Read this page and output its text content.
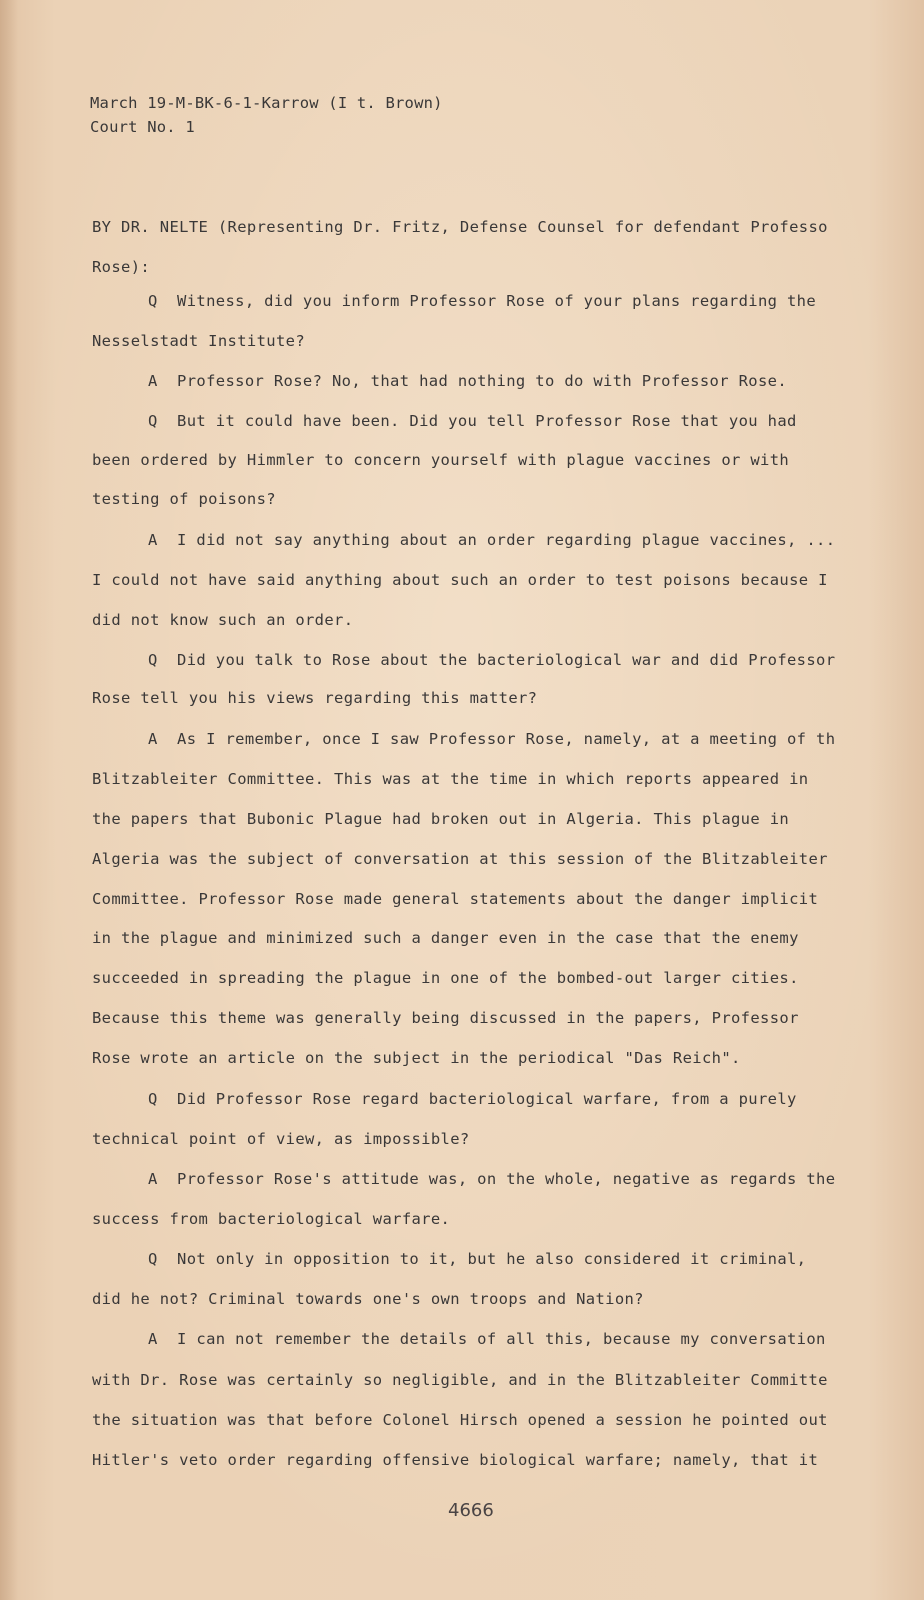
March 19-M-BK-6-1-Karrow (I t. Brown)
Court No. 1
BY DR. NELTE (Representing Dr. Fritz, Defense Counsel for defendant Professo
Rose):
Q  Witness, did you inform Professor Rose of your plans regarding the
Nesselstadt Institute?
A  Professor Rose? No, that had nothing to do with Professor Rose.
Q  But it could have been. Did you tell Professor Rose that you had
been ordered by Himmler to concern yourself with plague vaccines or with
testing of poisons?
A  I did not say anything about an order regarding plague vaccines, ...
I could not have said anything about such an order to test poisons because I
did not know such an order.
Q  Did you talk to Rose about the bacteriological war and did Professor
Rose tell you his views regarding this matter?
A  As I remember, once I saw Professor Rose, namely, at a meeting of th
Blitzableiter Committee. This was at the time in which reports appeared in
the papers that Bubonic Plague had broken out in Algeria. This plague in
Algeria was the subject of conversation at this session of the Blitzableiter
Committee. Professor Rose made general statements about the danger implicit
in the plague and minimized such a danger even in the case that the enemy
succeeded in spreading the plague in one of the bombed-out larger cities.
Because this theme was generally being discussed in the papers, Professor
Rose wrote an article on the subject in the periodical "Das Reich".
Q  Did Professor Rose regard bacteriological warfare, from a purely
technical point of view, as impossible?
A  Professor Rose's attitude was, on the whole, negative as regards the
success from bacteriological warfare.
Q  Not only in opposition to it, but he also considered it criminal,
did he not? Criminal towards one's own troops and Nation?
A  I can not remember the details of all this, because my conversation
with Dr. Rose was certainly so negligible, and in the Blitzableiter Committe
the situation was that before Colonel Hirsch opened a session he pointed out
Hitler's veto order regarding offensive biological warfare; namely, that it
4666
